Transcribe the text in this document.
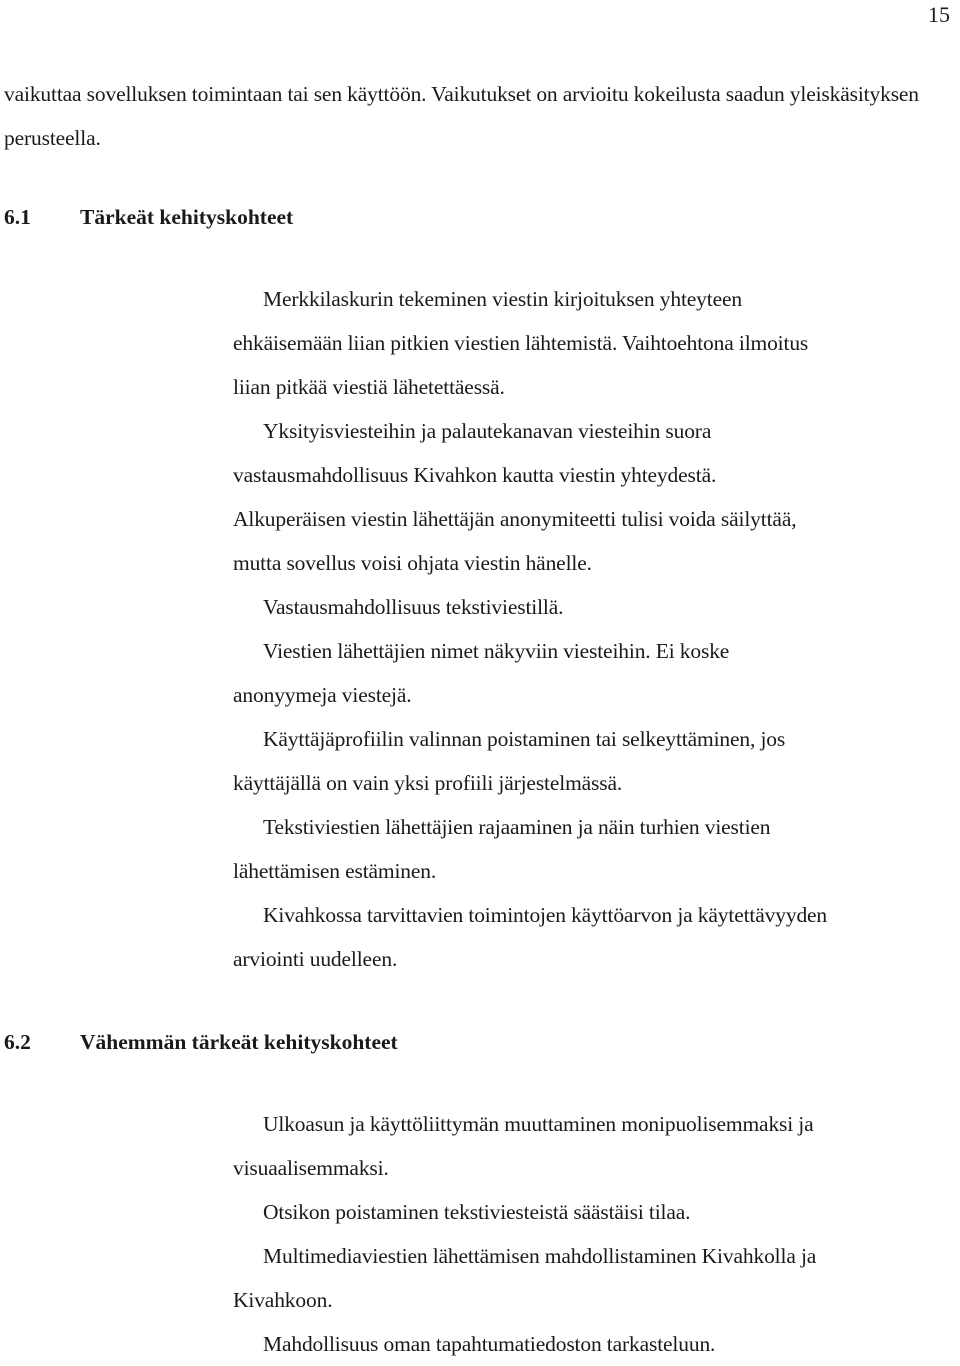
15

vaikuttaa sovelluksen toimintaan tai sen käyttöön. Vaikutukset on arvioitu kokeilusta saadun yleiskäsityksen perusteella.

6.1 Tärkeät kehityskohteet
Merkkilaskurin tekeminen viestin kirjoituksen yhteyteen
ehkäisemään liian pitkien viestien lähtemistä. Vaihtoehtona ilmoitus
liian pitkää viestiä lähetettäessä.
Yksityisviesteihin ja palautekanavan viesteihin suora
vastausmahdollisuus Kivahkon kautta viestin yhteydestä.
Alkuperäisen viestin lähettäjän anonymiteetti tulisi voida säilyttää,
mutta sovellus voisi ohjata viestin hänelle.
Vastausmahdollisuus tekstiviestillä.
Viestien lähettäjien nimet näkyviin viesteihin. Ei koske
anonyymeja viestejä.
Käyttäjäprofiilin valinnan poistaminen tai selkeyttäminen, jos
käyttäjällä on vain yksi profiili järjestelmässä.
Tekstiviestien lähettäjien rajaaminen ja näin turhien viestien
lähettämisen estäminen.
Kivahkossa tarvittavien toimintojen käyttöarvon ja käytettävyyden
arviointi uudelleen.
6.2 Vähemmän tärkeät kehityskohteet
Ulkoasun ja käyttöliittymän muuttaminen monipuolisemmaksi ja
visuaalisemmaksi.
Otsikon poistaminen tekstiviesteistä säästäisi tilaa.
Multimediaviestien lähettämisen mahdollistaminen Kivahkolla ja
Kivahkoon.
Mahdollisuus oman tapahtumatiedoston tarkasteluun.
